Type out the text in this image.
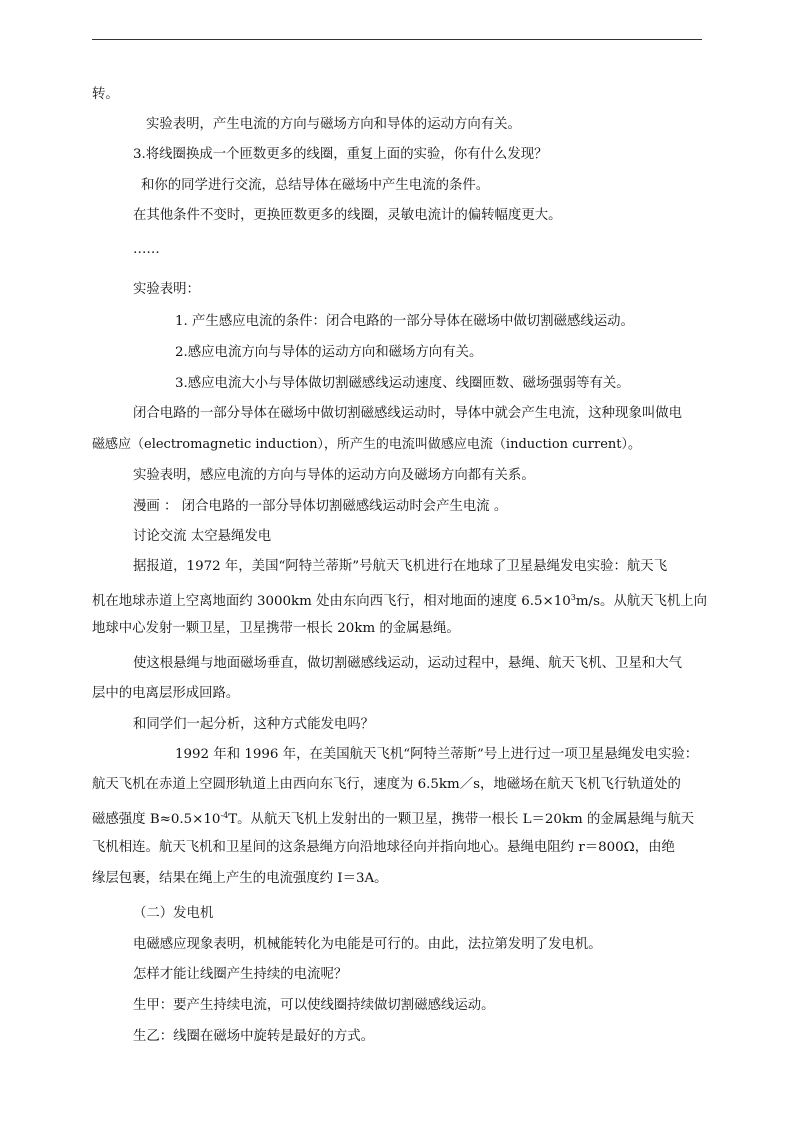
转。
实验表明，产生电流的方向与磁场方向和导体的运动方向有关。
3.将线圈换成一个匝数更多的线圈，重复上面的实验，你有什么发现？
和你的同学进行交流，总结导体在磁场中产生电流的条件。
在其他条件不变时，更换匝数更多的线圈，灵敏电流计的偏转幅度更大。
……
实验表明：
1. 产生感应电流的条件：闭合电路的一部分导体在磁场中做切割磁感线运动。
2.感应电流方向与导体的运动方向和磁场方向有关。
3.感应电流大小与导体做切割磁感线运动速度、线圈匝数、磁场强弱等有关。
闭合电路的一部分导体在磁场中做切割磁感线运动时，导体中就会产生电流，这种现象叫做电
磁感应（electromagnetic induction），所产生的电流叫做感应电流（induction current）。
实验表明，感应电流的方向与导体的运动方向及磁场方向都有关系。
漫画 ： 闭合电路的一部分导体切割磁感线运动时会产生电流 。
讨论交流 太空悬绳发电
据报道，1972 年，美国“阿特兰蒂斯”号航天飞机进行在地球了卫星悬绳发电实验：航天飞
机在地球赤道上空离地面约 3000km 处由东向西飞行，相对地面的速度 $6.5\times 10^3m/s$。从航天飞机上向
地球中心发射一颗卫星，卫星携带一根长 20km 的金属悬绳。
使这根悬绳与地面磁场垂直，做切割磁感线运动，运动过程中，悬绳、航天飞机、卫星和大气
层中的电离层形成回路。
和同学们一起分析，这种方式能发电吗？
1992 年和 1996 年，在美国航天飞机“阿特兰蒂斯”号上进行过一项卫星悬绳发电实验：
航天飞机在赤道上空圆形轨道上由西向东飞行，速度为 6.5km／s，地磁场在航天飞机飞行轨道处的
磁感强度 $B\approx 0.5\times 10^{-4}T$。从航天飞机上发射出的一颗卫星，携带一根长 L＝20km 的金属悬绳与航天
飞机相连。航天飞机和卫星间的这条悬绳方向沿地球径向并指向地心。悬绳电阻约 r＝800Ω，由绝
缘层包裹，结果在绳上产生的电流强度约 I＝3A。
（二）发电机
电磁感应现象表明，机械能转化为电能是可行的。由此，法拉第发明了发电机。
怎样才能让线圈产生持续的电流呢？
生甲：要产生持续电流，可以使线圈持续做切割磁感线运动。
生乙：线圈在磁场中旋转是最好的方式。
